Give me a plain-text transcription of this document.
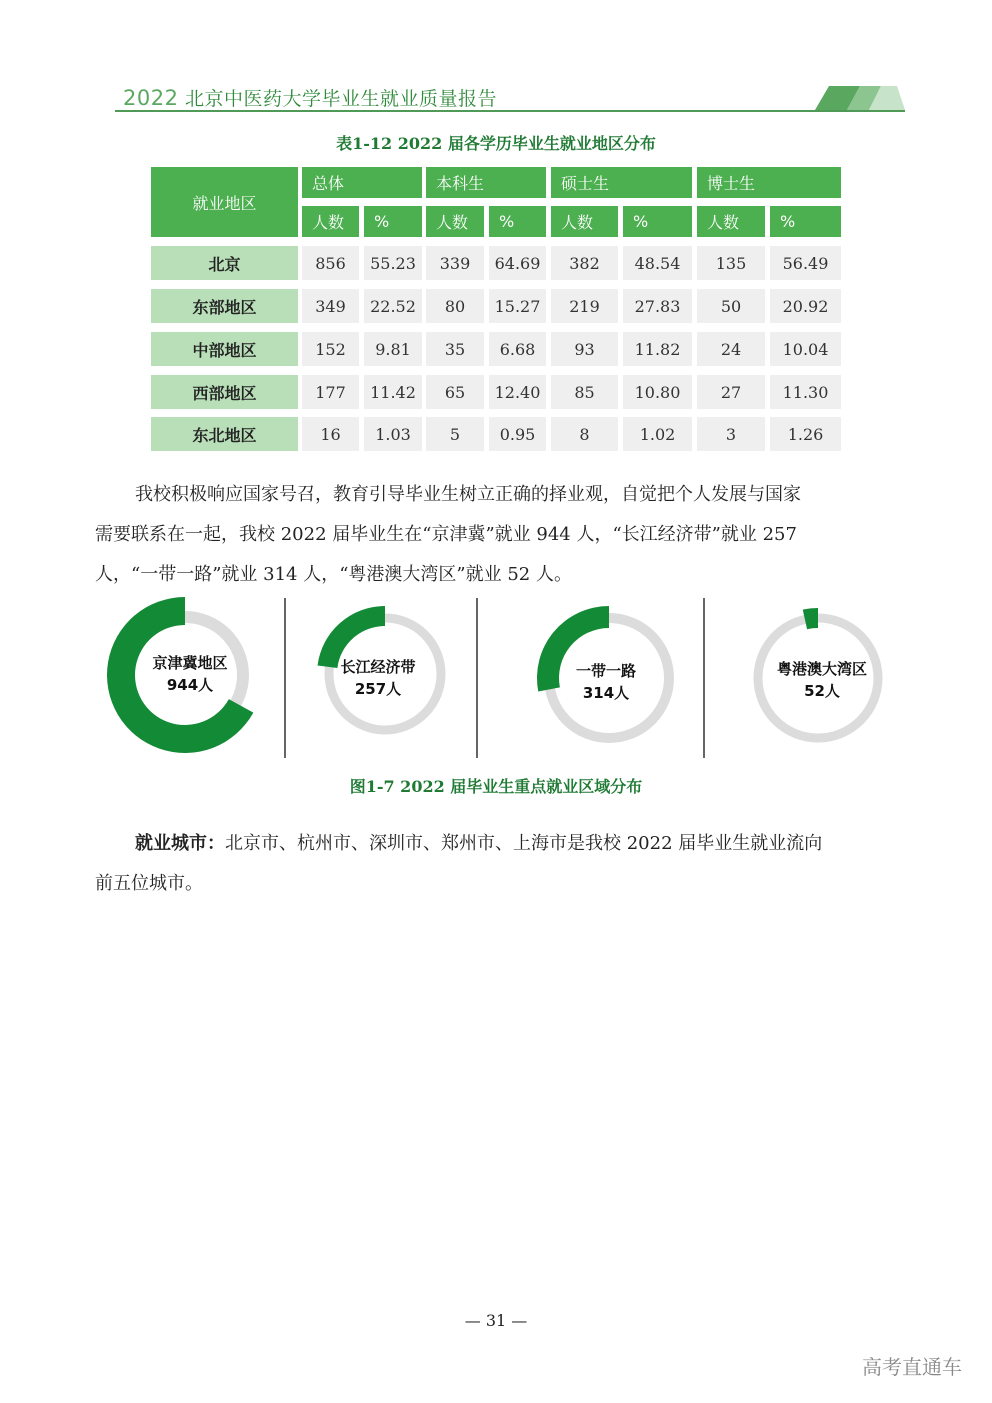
2022 北京中医药大学毕业生就业质量报告
表1-12 2022 届各学历毕业生就业地区分布
就业地区
总体	本科生	硕士生	博士生
人数	%	人数	%	人数	%	人数	%
北京	856	55.23	339	64.69	382	48.54	135	56.49
东部地区	349	22.52	80	15.27	219	27.83	50	20.92
中部地区	152	9.81	35	6.68	93	11.82	24	10.04
西部地区	177	11.42	65	12.40	85	10.80	27	11.30
东北地区	16	1.03	5	0.95	8	1.02	3	1.26

我校积极响应国家号召，教育引导毕业生树立正确的择业观，自觉把个人发展与国家

需要联系在一起，我校 2022 届毕业生在“京津冀”就业 944 人，“长江经济带”就业 257

人，“一带一路”就业 314 人，“粤港澳大湾区”就业 52 人。

京津冀地区
944人
长江经济带
257人
一带一路
314人
粤港澳大湾区
52人
图1-7 2022 届毕业生重点就业区域分布

就业城市：北京市、杭州市、深圳市、郑州市、上海市是我校 2022 届毕业生就业流向

前五位城市。

— 31 —
高考直通车
